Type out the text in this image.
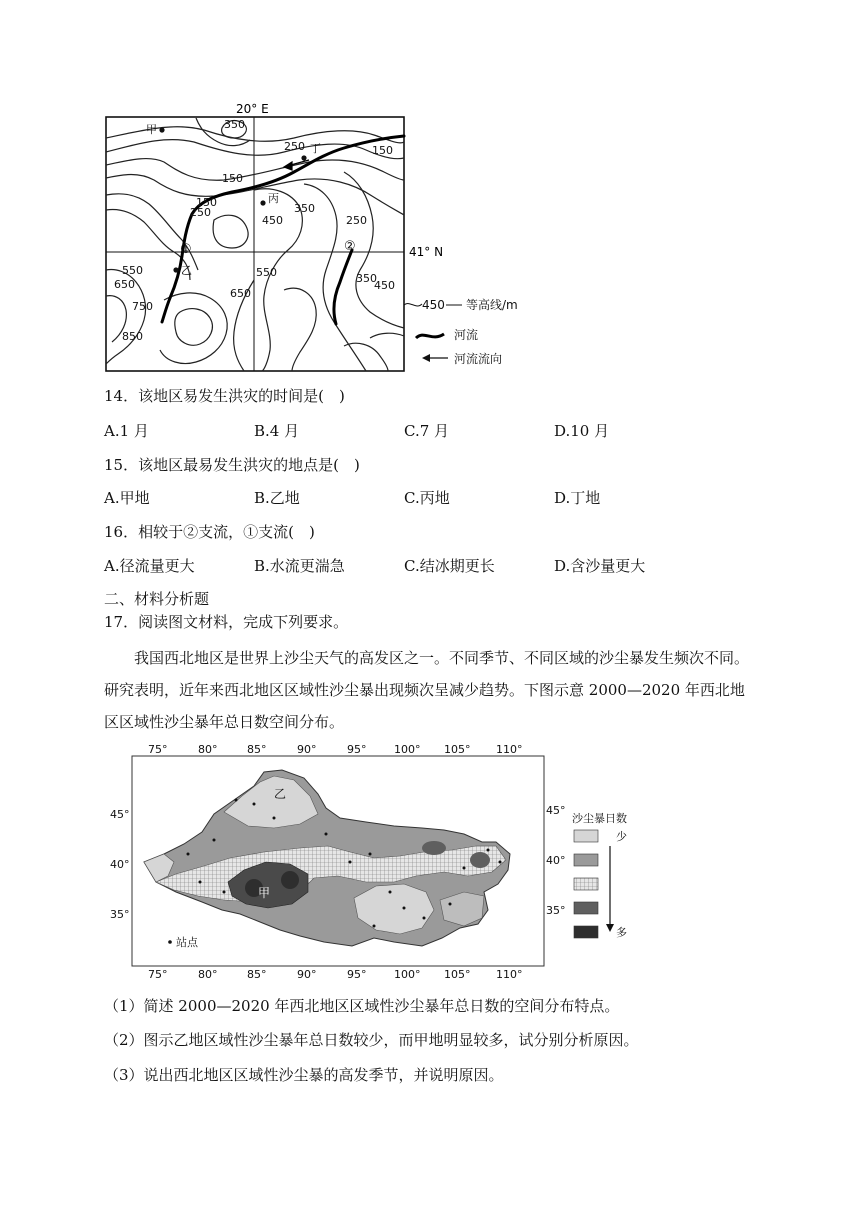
20° E
41° N
350
250
150
150
150
250
450
350
250
550
650
750
850
550
650
350
450
甲
乙
丙
丁
①	②
450 等高线/m
河流
河流流向
14．该地区易发生洪灾的时间是(　)
A.1 月	B.4 月	C.7 月	D.10 月
15．该地区最易发生洪灾的地点是(　)
A.甲地	B.乙地	C.丙地	D.丁地
16．相较于②支流，①支流(　)
A.径流量更大	B.水流更湍急	C.结冰期更长	D.含沙量更大
二、材料分析题
17．阅读图文材料，完成下列要求。
我国西北地区是世界上沙尘天气的高发区之一。不同季节、不同区域的沙尘暴发生频次不同。研究表明，近年来西北地区区域性沙尘暴出现频次呈减少趋势。下图示意 2000—2020 年西北地区区域性沙尘暴年总日数空间分布。
75°	80°	85°	90°	95°	100° 105° 110°
75°	80°	85°	90°	95°	100° 105° 110°
45°
40°
35°
45°
40°
35°
乙
甲
站点
沙尘暴日数
少
多
（1）简述 2000—2020 年西北地区区域性沙尘暴年总日数的空间分布特点。
（2）图示乙地区域性沙尘暴年总日数较少，而甲地明显较多，试分别分析原因。
（3）说出西北地区区域性沙尘暴的高发季节，并说明原因。
